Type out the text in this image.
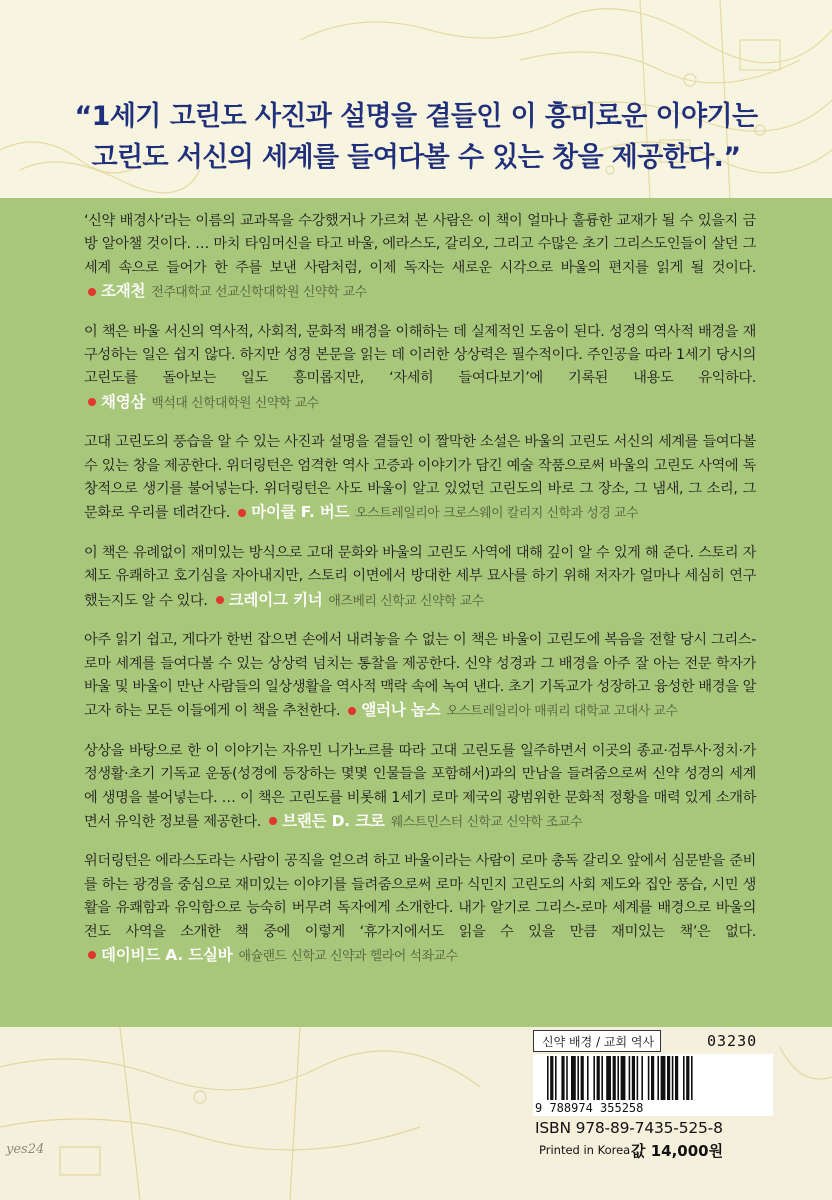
“1세기 고린도 사진과 설명을 곁들인 이 흥미로운 이야기는
고린도 서신의 세계를 들여다볼 수 있는 창을 제공한다.”
‘신약 배경사’라는 이름의 교과목을 수강했거나 가르쳐 본 사람은 이 책이 얼마나 훌륭한 교재가 될 수 있을지 금방 알아챌 것이다. … 마치 타임머신을 타고 바울, 에라스도, 갈리오, 그리고 수많은 초기 그리스도인들이 살던 그 세계 속으로 들어가 한 주를 보낸 사람처럼, 이제 독자는 새로운 시각으로 바울의 편지를 읽게 될 것이다. 조재천 전주대학교 선교신학대학원 신약학 교수
이 책은 바울 서신의 역사적, 사회적, 문화적 배경을 이해하는 데 실제적인 도움이 된다. 성경의 역사적 배경을 재구성하는 일은 쉽지 않다. 하지만 성경 본문을 읽는 데 이러한 상상력은 필수적이다. 주인공을 따라 1세기 당시의 고린도를 돌아보는 일도 흥미롭지만, ‘자세히 들여다보기’에 기록된 내용도 유익하다. 채영삼 백석대 신학대학원 신약학 교수
고대 고린도의 풍습을 알 수 있는 사진과 설명을 곁들인 이 짤막한 소설은 바울의 고린도 서신의 세계를 들여다볼 수 있는 창을 제공한다. 위더링턴은 엄격한 역사 고증과 이야기가 담긴 예술 작품으로써 바울의 고린도 사역에 독창적으로 생기를 불어넣는다. 위더링턴은 사도 바울이 알고 있었던 고린도의 바로 그 장소, 그 냄새, 그 소리, 그 문화로 우리를 데려간다. 마이클 F. 버드 오스트레일리아 크로스웨이 칼리지 신학과 성경 교수
이 책은 유례없이 재미있는 방식으로 고대 문화와 바울의 고린도 사역에 대해 깊이 알 수 있게 해 준다. 스토리 자체도 유쾌하고 호기심을 자아내지만, 스토리 이면에서 방대한 세부 묘사를 하기 위해 저자가 얼마나 세심히 연구했는지도 알 수 있다. 크레이그 키너 애즈베리 신학교 신약학 교수
아주 읽기 쉽고, 게다가 한번 잡으면 손에서 내려놓을 수 없는 이 책은 바울이 고린도에 복음을 전할 당시 그리스-로마 세계를 들여다볼 수 있는 상상력 넘치는 통찰을 제공한다. 신약 성경과 그 배경을 아주 잘 아는 전문 학자가 바울 및 바울이 만난 사람들의 일상생활을 역사적 맥락 속에 녹여 낸다. 초기 기독교가 성장하고 융성한 배경을 알고자 하는 모든 이들에게 이 책을 추천한다. 앨러나 놉스 오스트레일리아 매쿼리 대학교 고대사 교수
상상을 바탕으로 한 이 이야기는 자유민 니가노르를 따라 고대 고린도를 일주하면서 이곳의 종교·검투사·정치·가정생활·초기 기독교 운동(성경에 등장하는 몇몇 인물들을 포함해서)과의 만남을 들려줌으로써 신약 성경의 세계에 생명을 불어넣는다. … 이 책은 고린도를 비롯해 1세기 로마 제국의 광범위한 문화적 정황을 매력 있게 소개하면서 유익한 정보를 제공한다. 브랜든 D. 크로 웨스트민스터 신학교 신약학 조교수
위더링턴은 에라스도라는 사람이 공직을 얻으려 하고 바울이라는 사람이 로마 총독 갈리오 앞에서 심문받을 준비를 하는 광경을 중심으로 재미있는 이야기를 들려줌으로써 로마 식민지 고린도의 사회 제도와 집안 풍습, 시민 생활을 유쾌함과 유익함으로 능숙히 버무려 독자에게 소개한다. 내가 알기로 그리스-로마 세계를 배경으로 바울의 전도 사역을 소개한 책 중에 이렇게 ‘휴가지에서도 읽을 수 있을 만큼 재미있는 책’은 없다. 데이비드 A. 드실바 애슐랜드 신학교 신약과 헬라어 석좌교수
신약 배경 / 교회 역사	03230
9 788974 355258
ISBN 978-89-7435-525-8
Printed in Korea 값 14,000원
yes24
